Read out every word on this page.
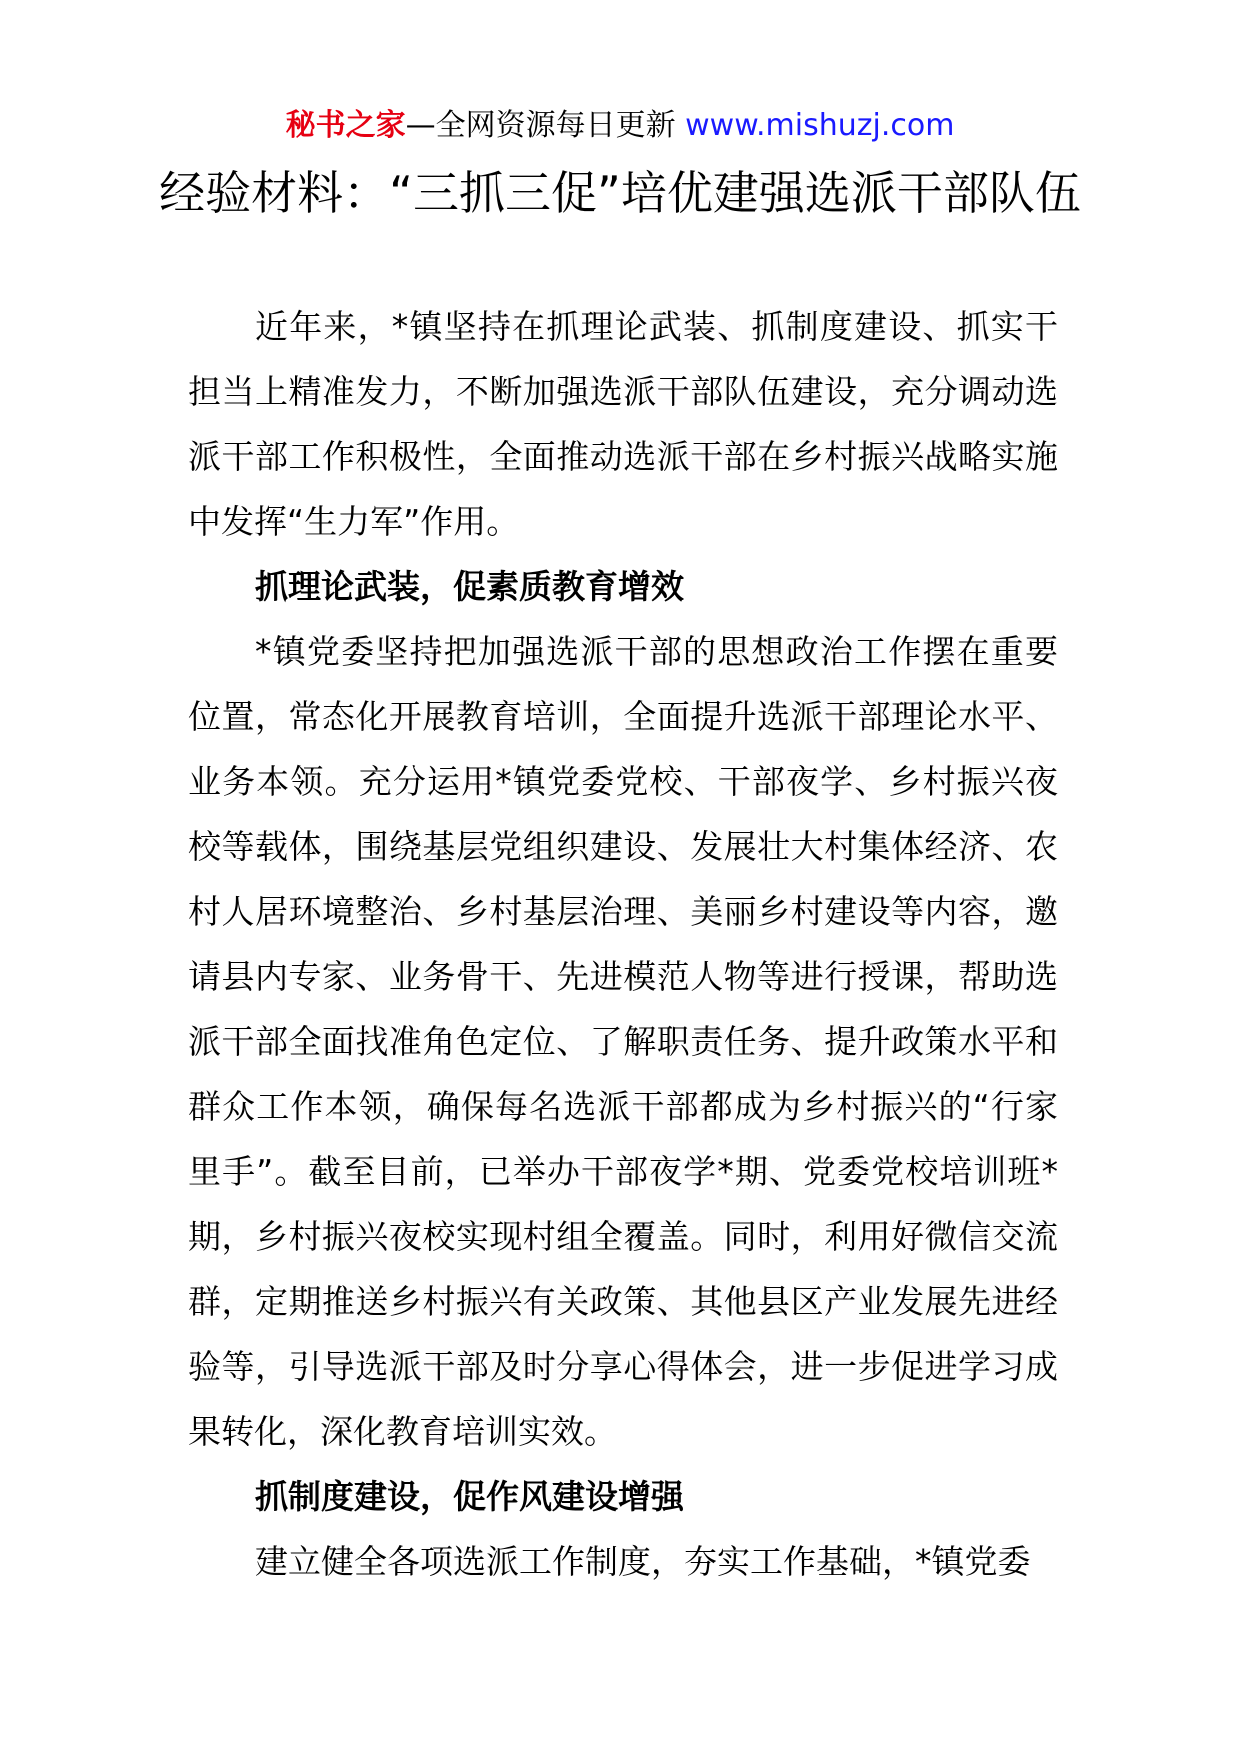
秘书之家—全网资源每日更新 www.mishuzj.com
经验材料：“三抓三促”培优建强选派干部队伍

近年来，*镇坚持在抓理论武装、抓制度建设、抓实干担当上精准发力，不断加强选派干部队伍建设，充分调动选派干部工作积极性，全面推动选派干部在乡村振兴战略实施中发挥“生力军”作用。

抓理论武装，促素质教育增效

*镇党委坚持把加强选派干部的思想政治工作摆在重要位置，常态化开展教育培训，全面提升选派干部理论水平、业务本领。充分运用*镇党委党校、干部夜学、乡村振兴夜校等载体，围绕基层党组织建设、发展壮大村集体经济、农村人居环境整治、乡村基层治理、美丽乡村建设等内容，邀请县内专家、业务骨干、先进模范人物等进行授课，帮助选派干部全面找准角色定位、了解职责任务、提升政策水平和群众工作本领，确保每名选派干部都成为乡村振兴的“行家里手”。截至目前，已举办干部夜学*期、党委党校培训班*期，乡村振兴夜校实现村组全覆盖。同时，利用好微信交流群，定期推送乡村振兴有关政策、其他县区产业发展先进经验等，引导选派干部及时分享心得体会，进一步促进学习成果转化，深化教育培训实效。

抓制度建设，促作风建设增强

建立健全各项选派工作制度，夯实工作基础，*镇党委
